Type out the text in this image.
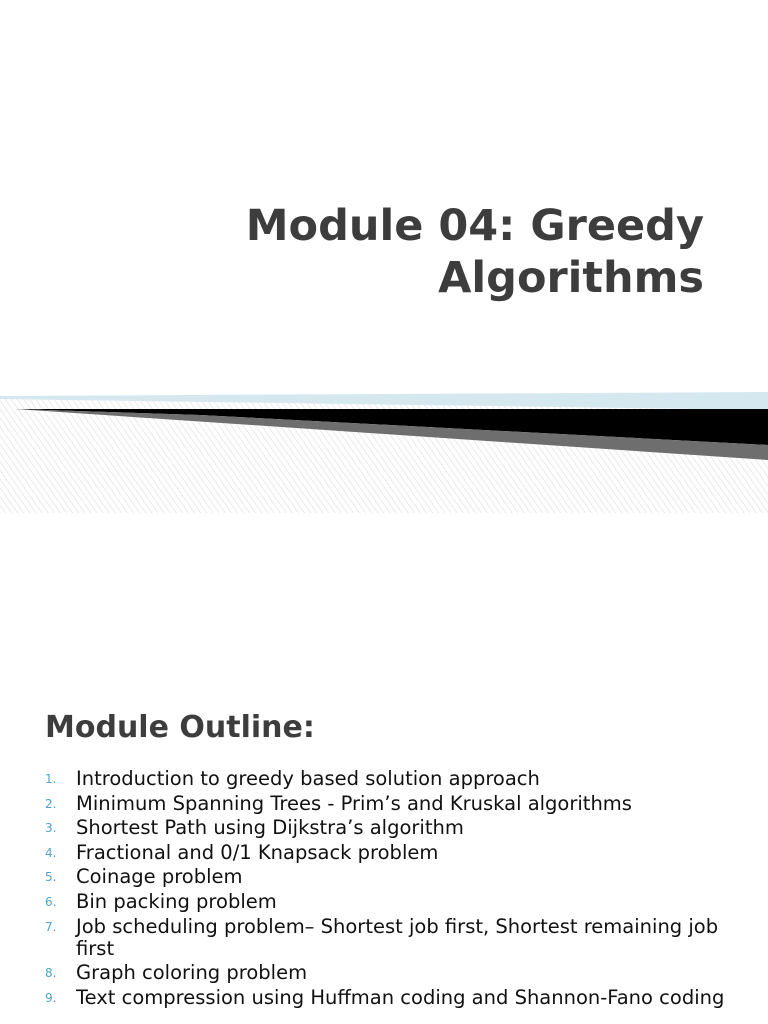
Module 04: Greedy
Algorithms
Module Outline:
1. Introduction to greedy based solution approach
2. Minimum Spanning Trees - Prim’s and Kruskal algorithms
3. Shortest Path using Dijkstra’s algorithm
4. Fractional and 0/1 Knapsack problem
5. Coinage problem
6. Bin packing problem
7. Job scheduling problem– Shortest job first, Shortest remaining job first
8. Graph coloring problem
9. Text compression using Huffman coding and Shannon-Fano coding
